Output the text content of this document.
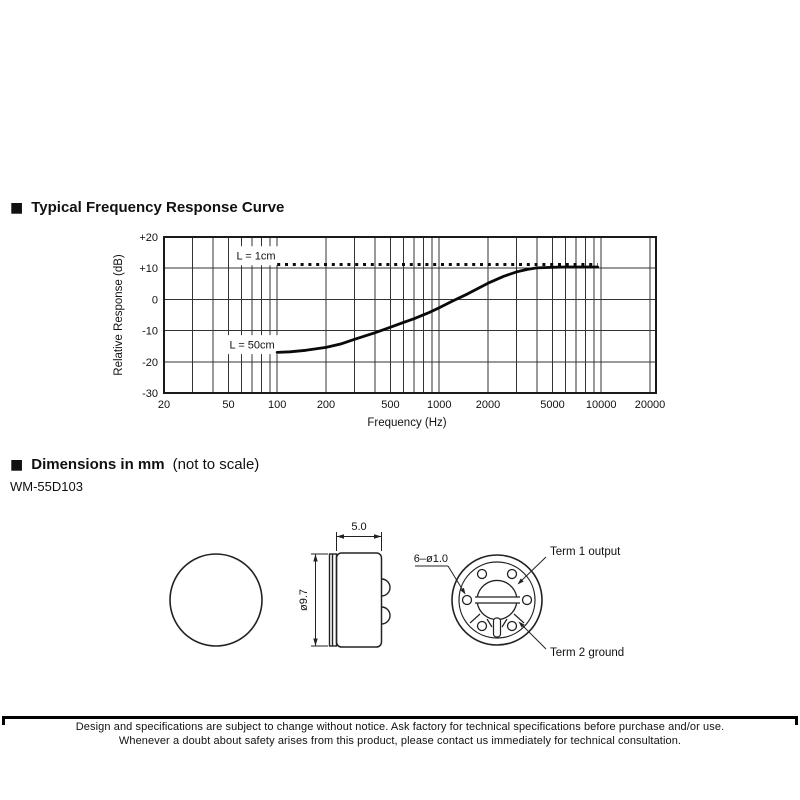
■ Typical Frequency Response Curve
L = 1cm
L = 50cm
20	50	100	200	500 1000 2000	5000 10000 20000
+20
+10
0
-10
-20
-30
Frequency (Hz)
Relative Response (dB)
■ Dimensions in mm (not to scale)
WM-55D103
5.0
ø9.7
6–ø1.0
Term 1 output
Term 2 ground
Design and specifications are subject to change without notice. Ask factory for technical specifications before purchase and/or use.
Whenever a doubt about safety arises from this product, please contact us immediately for technical consultation.
